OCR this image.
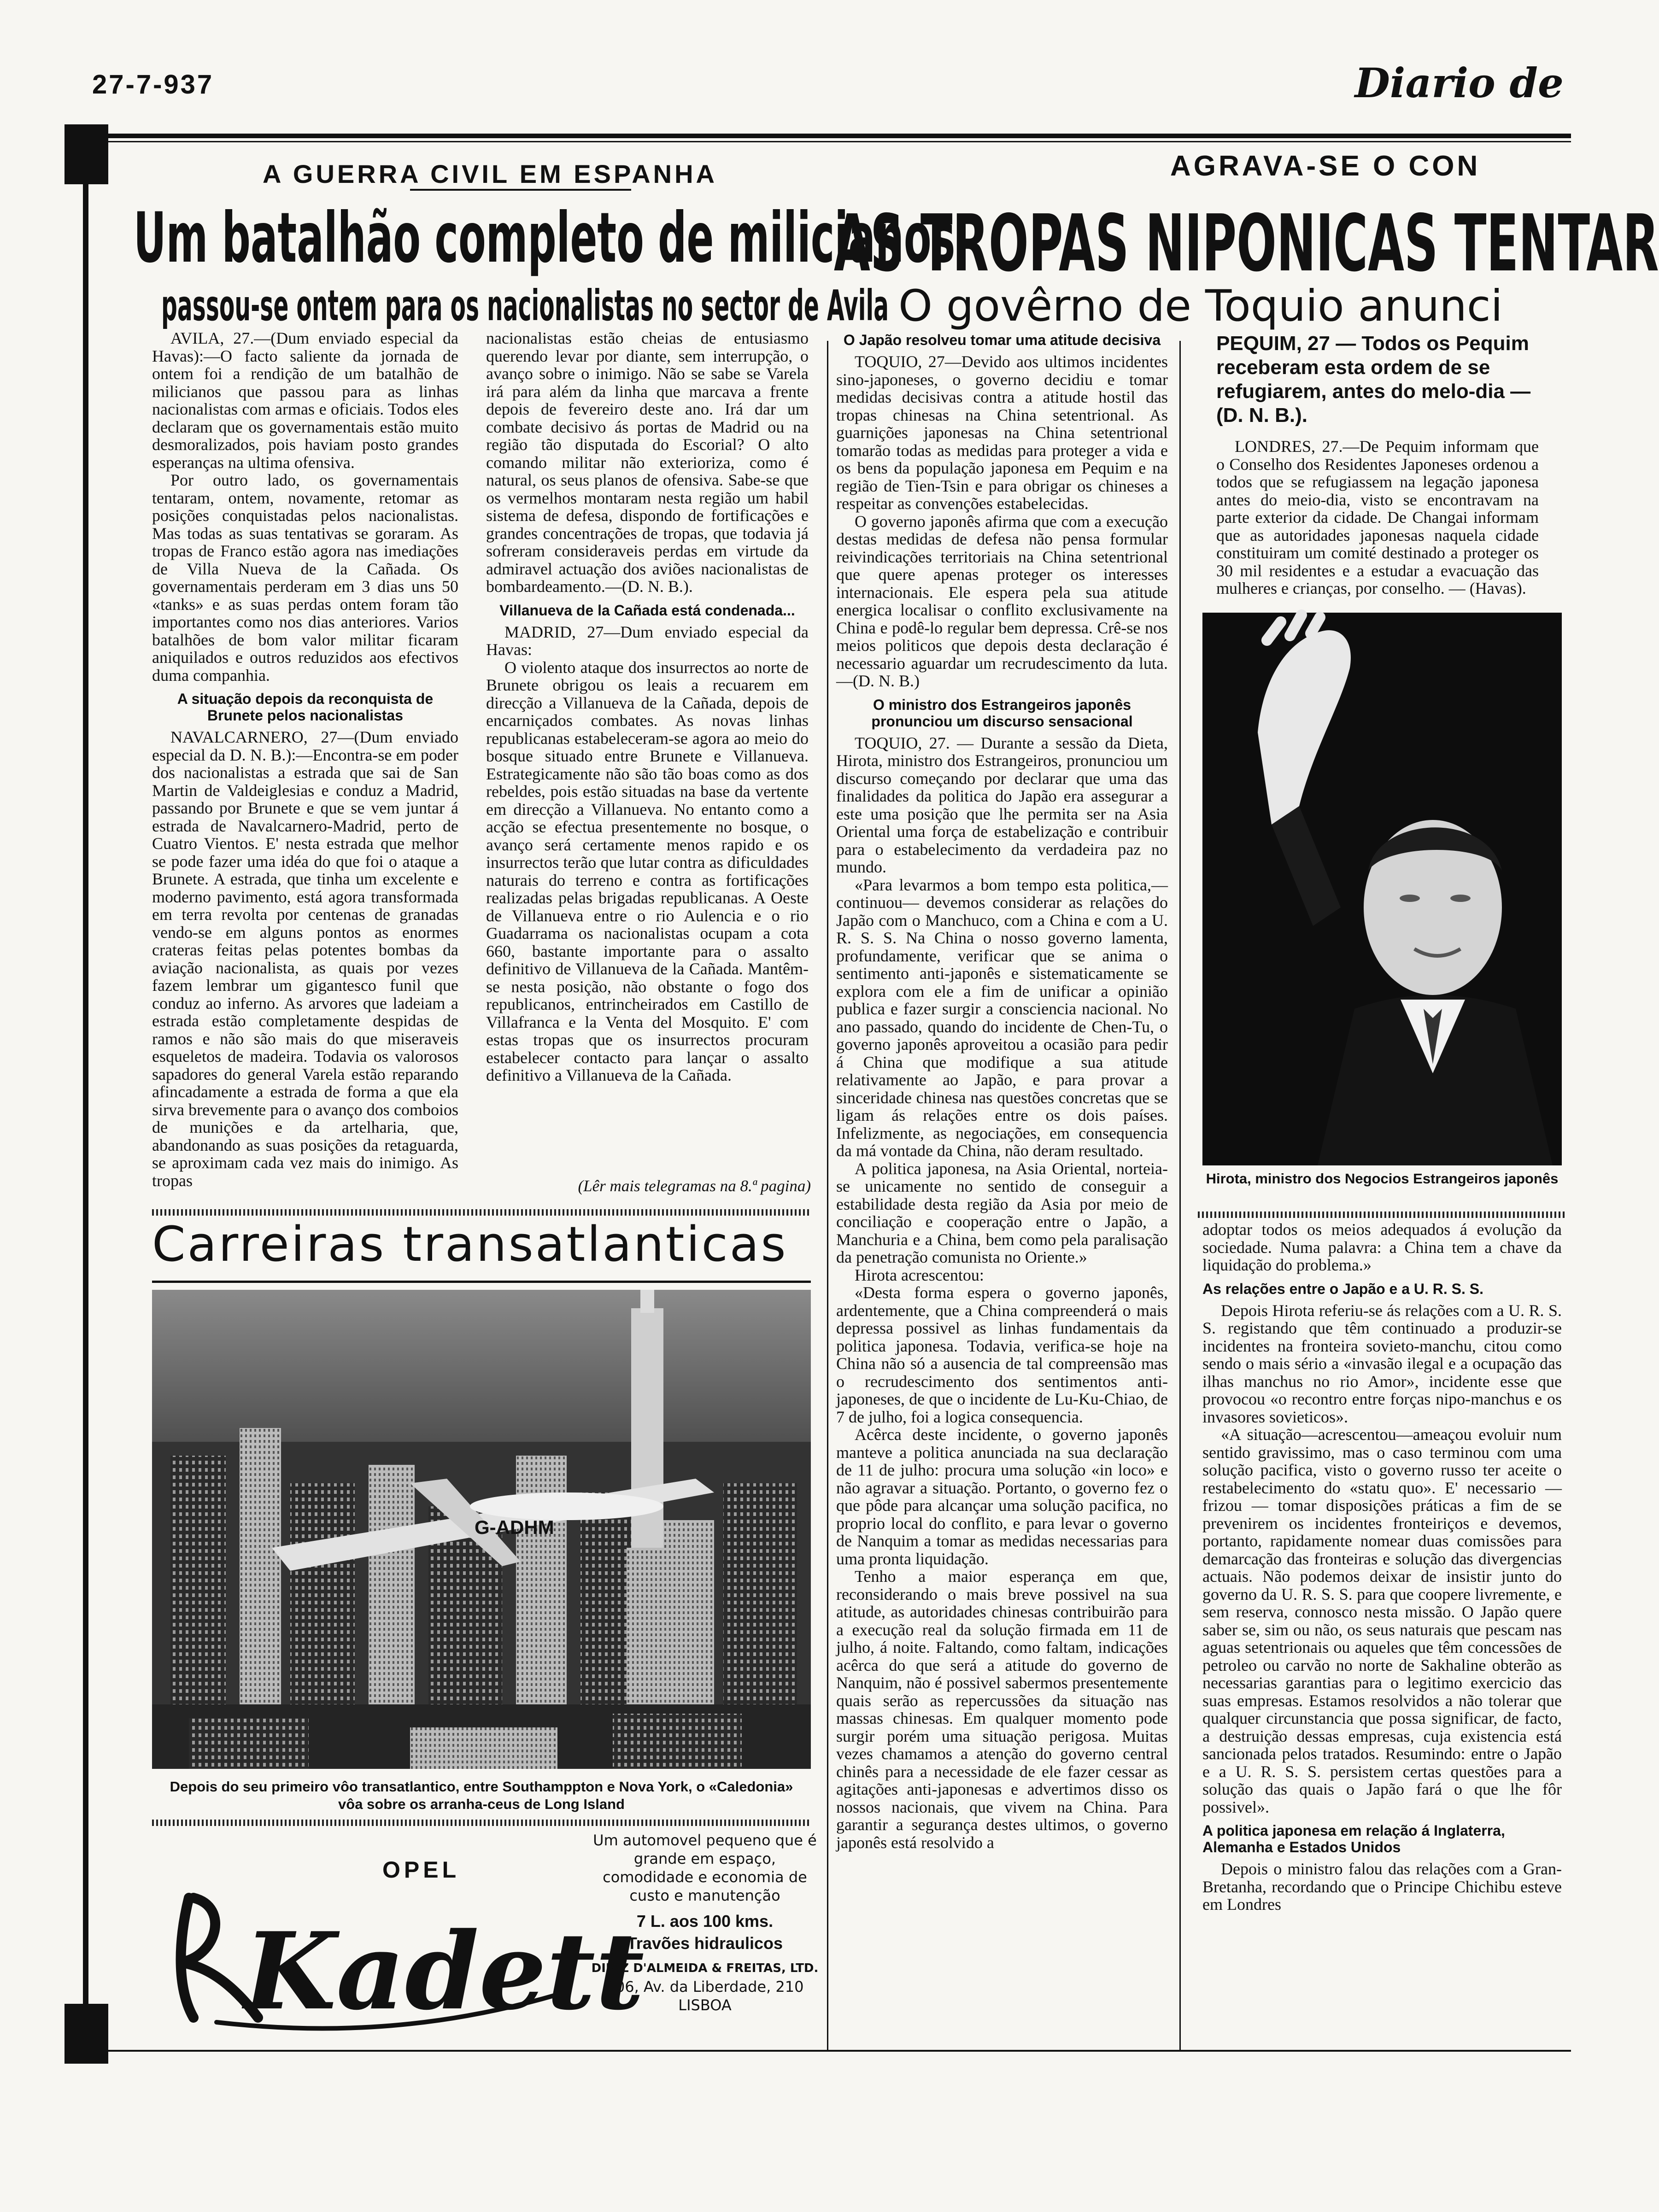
27-7-937	Diario de
A GUERRA CIVIL EM ESPANHA
Um batalhão completo de milicianos
passou-se ontem para os nacionalistas no sector de Avila

AVILA, 27.—(Dum enviado especial da Havas):—O facto saliente da jornada de ontem foi a rendição de um batalhão de milicianos que passou para as linhas nacionalistas com armas e oficiais. Todos eles declaram que os governamentais estão muito desmoralizados, pois haviam posto grandes esperanças na ultima ofensiva.

Por outro lado, os governamentais tentaram, ontem, novamente, retomar as posições conquistadas pelos nacionalistas. Mas todas as suas tentativas se goraram. As tropas de Franco estão agora nas imediações de Villa Nueva de la Cañada. Os governamentais perderam em 3 dias uns 50 «tanks» e as suas perdas ontem foram tão importantes como nos dias anteriores. Varios batalhões de bom valor militar ficaram aniquilados e outros reduzidos aos efectivos duma companhia.

A situação depois da reconquista de Brunete pelos nacionalistas

NAVALCARNERO, 27—(Dum enviado especial da D. N. B.):—Encontra-se em poder dos nacionalistas a estrada que sai de San Martin de Valdeiglesias e conduz a Madrid, passando por Brunete e que se vem juntar á estrada de Navalcarnero-Madrid, perto de Cuatro Vientos. E' nesta estrada que melhor se pode fazer uma idéa do que foi o ataque a Brunete. A estrada, que tinha um excelente e moderno pavimento, está agora transformada em terra revolta por centenas de granadas vendo-se em alguns pontos as enormes crateras feitas pelas potentes bombas da aviação nacionalista, as quais por vezes fazem lembrar um gigantesco funil que conduz ao inferno. As arvores que ladeiam a estrada estão completamente despidas de ramos e não são mais do que miseraveis esqueletos de madeira. Todavia os valorosos sapadores do general Varela estão reparando afincadamente a estrada de forma a que ela sirva brevemente para o avanço dos comboios de munições e da artelharia, que, abandonando as suas posições da retaguarda, se aproximam cada vez mais do inimigo. As tropas

nacionalistas estão cheias de entusiasmo querendo levar por diante, sem interrupção, o avanço sobre o inimigo. Não se sabe se Varela irá para além da linha que marcava a frente depois de fevereiro deste ano. Irá dar um combate decisivo ás portas de Madrid ou na região tão disputada do Escorial? O alto comando militar não exterioriza, como é natural, os seus planos de ofensiva. Sabe-se que os vermelhos montaram nesta região um habil sistema de defesa, dispondo de fortificações e grandes concentrações de tropas, que todavia já sofreram consideraveis perdas em virtude da admiravel actuação dos aviões nacionalistas de bombardeamento.—(D. N. B.).

Villanueva de la Cañada está condenada...

MADRID, 27—Dum enviado especial da Havas:

O violento ataque dos insurrectos ao norte de Brunete obrigou os leais a recuarem em direcção a Villanueva de la Cañada, depois de encarniçados combates. As novas linhas republicanas estabeleceram-se agora ao meio do bosque situado entre Brunete e Villanueva. Estrategicamente não são tão boas como as dos rebeldes, pois estão situadas na base da vertente em direcção a Villanueva. No entanto como a acção se efectua presentemente no bosque, o avanço será certamente menos rapido e os insurrectos terão que lutar contra as dificuldades naturais do terreno e contra as fortificações realizadas pelas brigadas republicanas. A Oeste de Villanueva entre o rio Aulencia e o rio Guadarrama os nacionalistas ocupam a cota 660, bastante importante para o assalto definitivo de Villanueva de la Cañada. Mantêm-se nesta posição, não obstante o fogo dos republicanos, entrincheirados em Castillo de Villafranca e la Venta del Mosquito. E' com estas tropas que os insurrectos procuram estabelecer contacto para lançar o assalto definitivo a Villanueva de la Cañada.

(Lêr mais telegramas na 8.ª pagina)
Carreiras transatlanticas
G-ADHM
Depois do seu primeiro vôo transatlantico, entre Southamppton e Nova York, o «Caledonia» vôa sobre os arranha-ceus de Long Island
OPEL
Kadett
Um automovel pequeno que é grande em espaço, comodidade e economia de custo e manutenção
7 L. aos 100 kms.
Travões hidraulicos
DINIZ D'ALMEIDA & FREITAS, LTD.
206, Av. da Liberdade, 210
LISBOA
AGRAVA-SE O CON
AS TROPAS NIPONICAS TENTAR
O govêrno de Toquio anunci
O Japão resolveu tomar uma atitude decisiva

TOQUIO, 27—Devido aos ultimos incidentes sino-japoneses, o governo decidiu e tomar medidas decisivas contra a atitude hostil das tropas chinesas na China setentrional. As guarnições japonesas na China setentrional tomarão todas as medidas para proteger a vida e os bens da população japonesa em Pequim e na região de Tien-Tsin e para obrigar os chineses a respeitar as convenções estabelecidas.

O governo japonês afirma que com a execução destas medidas de defesa não pensa formular reivindicações territoriais na China setentrional que quere apenas proteger os interesses internacionais. Ele espera pela sua atitude energica localisar o conflito exclusivamente na China e podê-lo regular bem depressa. Crê-se nos meios politicos que depois desta declaração é necessario aguardar um recrudescimento da luta.—(D. N. B.)

O ministro dos Estrangeiros japonês pronunciou um discurso sensacional

TOQUIO, 27. — Durante a sessão da Dieta, Hirota, ministro dos Estrangeiros, pronunciou um discurso começando por declarar que uma das finalidades da politica do Japão era assegurar a este uma posição que lhe permita ser na Asia Oriental uma força de estabelização e contribuir para o estabelecimento da verdadeira paz no mundo.

«Para levarmos a bom tempo esta politica,—continuou— devemos considerar as relações do Japão com o Manchuco, com a China e com a U. R. S. S. Na China o nosso governo lamenta, profundamente, verificar que se anima o sentimento anti-japonês e sistematicamente se explora com ele a fim de unificar a opinião publica e fazer surgir a consciencia nacional. No ano passado, quando do incidente de Chen-Tu, o governo japonês aproveitou a ocasião para pedir á China que modifique a sua atitude relativamente ao Japão, e para provar a sinceridade chinesa nas questões concretas que se ligam ás relações entre os dois países. Infelizmente, as negociações, em consequencia da má vontade da China, não deram resultado.

A politica japonesa, na Asia Oriental, norteia-se unicamente no sentido de conseguir a estabilidade desta região da Asia por meio de conciliação e cooperação entre o Japão, a Manchuria e a China, bem como pela paralisação da penetração comunista no Oriente.»

Hirota acrescentou:

«Desta forma espera o governo japonês, ardentemente, que a China compreenderá o mais depressa possivel as linhas fundamentais da politica japonesa. Todavia, verifica-se hoje na China não só a ausencia de tal compreensão mas o recrudescimento dos sentimentos anti-japoneses, de que o incidente de Lu-Ku-Chiao, de 7 de julho, foi a logica consequencia.

Acêrca deste incidente, o governo japonês manteve a politica anunciada na sua declaração de 11 de julho: procura uma solução «in loco» e não agravar a situação. Portanto, o governo fez o que pôde para alcançar uma solução pacifica, no proprio local do conflito, e para levar o governo de Nanquim a tomar as medidas necessarias para uma pronta liquidação.

Tenho a maior esperança em que, reconsiderando o mais breve possivel na sua atitude, as autoridades chinesas contribuirão para a execução real da solução firmada em 11 de julho, á noite. Faltando, como faltam, indicações acêrca do que será a atitude do governo de Nanquim, não é possivel sabermos presentemente quais serão as repercussões da situação nas massas chinesas. Em qualquer momento pode surgir porém uma situação perigosa. Muitas vezes chamamos a atenção do governo central chinês para a necessidade de ele fazer cessar as agitações anti-japonesas e advertimos disso os nossos nacionais, que vivem na China. Para garantir a segurança destes ultimos, o governo japonês está resolvido a

PEQUIM, 27 — Todos os Pequim receberam esta ordem de se refugiarem, antes do melo-dia — (D. N. B.).

LONDRES, 27.—De Pequim informam que o Conselho dos Residentes Japoneses ordenou a todos que se refugiassem na legação japonesa antes do meio-dia, visto se encontravam na parte exterior da cidade. De Changai informam que as autoridades japonesas naquela cidade constituiram um comité destinado a proteger os 30 mil residentes e a estudar a evacuação das mulheres e crianças, por conselho. — (Havas).

Hirota, ministro dos Negocios Estrangeiros japonês

adoptar todos os meios adequados á evolução da sociedade. Numa palavra: a China tem a chave da liquidação do problema.»

As relações entre o Japão e a U. R. S. S.

Depois Hirota referiu-se ás relações com a U. R. S. S. registando que têm continuado a produzir-se incidentes na fronteira sovieto-manchu, citou como sendo o mais sério a «invasão ilegal e a ocupação das ilhas manchus no rio Amor», incidente esse que provocou «o recontro entre forças nipo-manchus e os invasores sovieticos».

«A situação—acrescentou—ameaçou evoluir num sentido gravissimo, mas o caso terminou com uma solução pacifica, visto o governo russo ter aceite o restabelecimento do «statu quo». E' necessario — frizou — tomar disposições práticas a fim de se prevenirem os incidentes fronteiriços e devemos, portanto, rapidamente nomear duas comissões para demarcação das fronteiras e solução das divergencias actuais. Não podemos deixar de insistir junto do governo da U. R. S. S. para que coopere livremente, e sem reserva, connosco nesta missão. O Japão quere saber se, sim ou não, os seus naturais que pescam nas aguas setentrionais ou aqueles que têm concessões de petroleo ou carvão no norte de Sakhaline obterão as necessarias garantias para o legitimo exercicio das suas empresas. Estamos resolvidos a não tolerar que qualquer circunstancia que possa significar, de facto, a destruição dessas empresas, cuja existencia está sancionada pelos tratados. Resumindo: entre o Japão e a U. R. S. S. persistem certas questões para a solução das quais o Japão fará o que lhe fôr possivel».

A politica japonesa em relação á Inglaterra, Alemanha e Estados Unidos

Depois o ministro falou das relações com a Gran-Bretanha, recordando que o Principe Chichibu esteve em Londres
